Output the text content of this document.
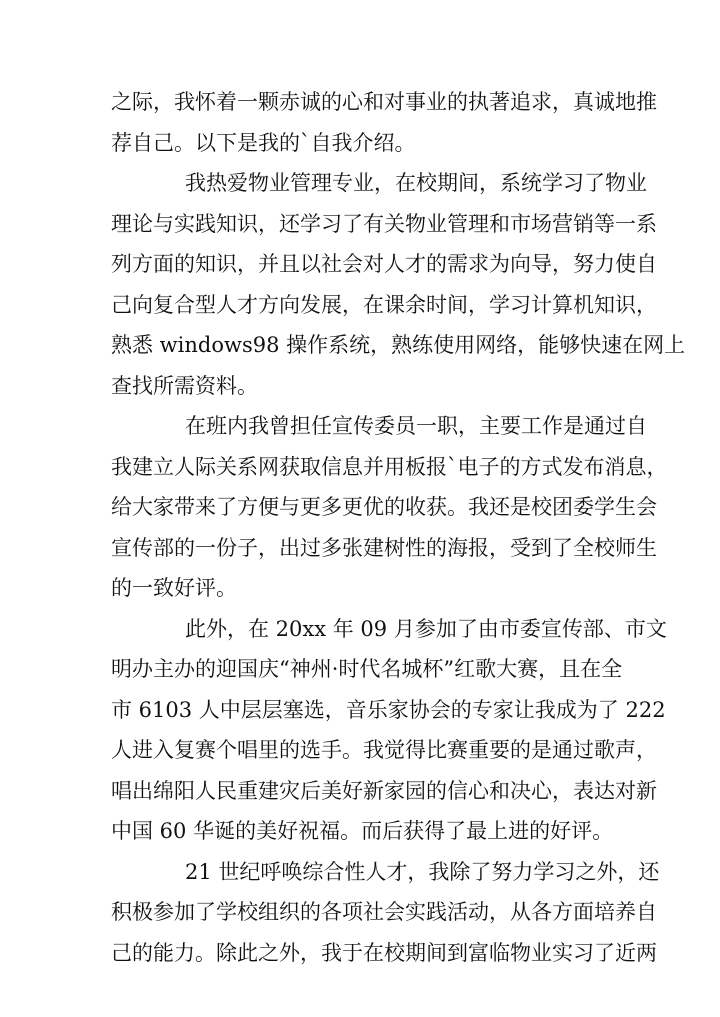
之际，我怀着一颗赤诚的心和对事业的执著追求，真诚地推
荐自己。以下是我的`自我介绍。

我热爱物业管理专业，在校期间，系统学习了物业
理论与实践知识，还学习了有关物业管理和市场营销等一系
列方面的知识，并且以社会对人才的需求为向导，努力使自
己向复合型人才方向发展，在课余时间，学习计算机知识，
熟悉 windows98 操作系统，熟练使用网络，能够快速在网上
查找所需资料。

在班内我曾担任宣传委员一职，主要工作是通过自
我建立人际关系网获取信息并用板报`电子的方式发布消息，
给大家带来了方便与更多更优的收获。我还是校团委学生会
宣传部的一份子，出过多张建树性的海报，受到了全校师生
的一致好评。

此外，在 20xx 年 09 月参加了由市委宣传部、市文
明办主办的迎国庆“神州·时代名城杯”红歌大赛，且在全
市 6103 人中层层塞选，音乐家协会的专家让我成为了 222
人进入复赛个唱里的选手。我觉得比赛重要的是通过歌声，
唱出绵阳人民重建灾后美好新家园的信心和决心，表达对新
中国 60 华诞的美好祝福。而后获得了最上进的好评。

21 世纪呼唤综合性人才，我除了努力学习之外，还
积极参加了学校组织的各项社会实践活动，从各方面培养自
己的能力。除此之外，我于在校期间到富临物业实习了近两
